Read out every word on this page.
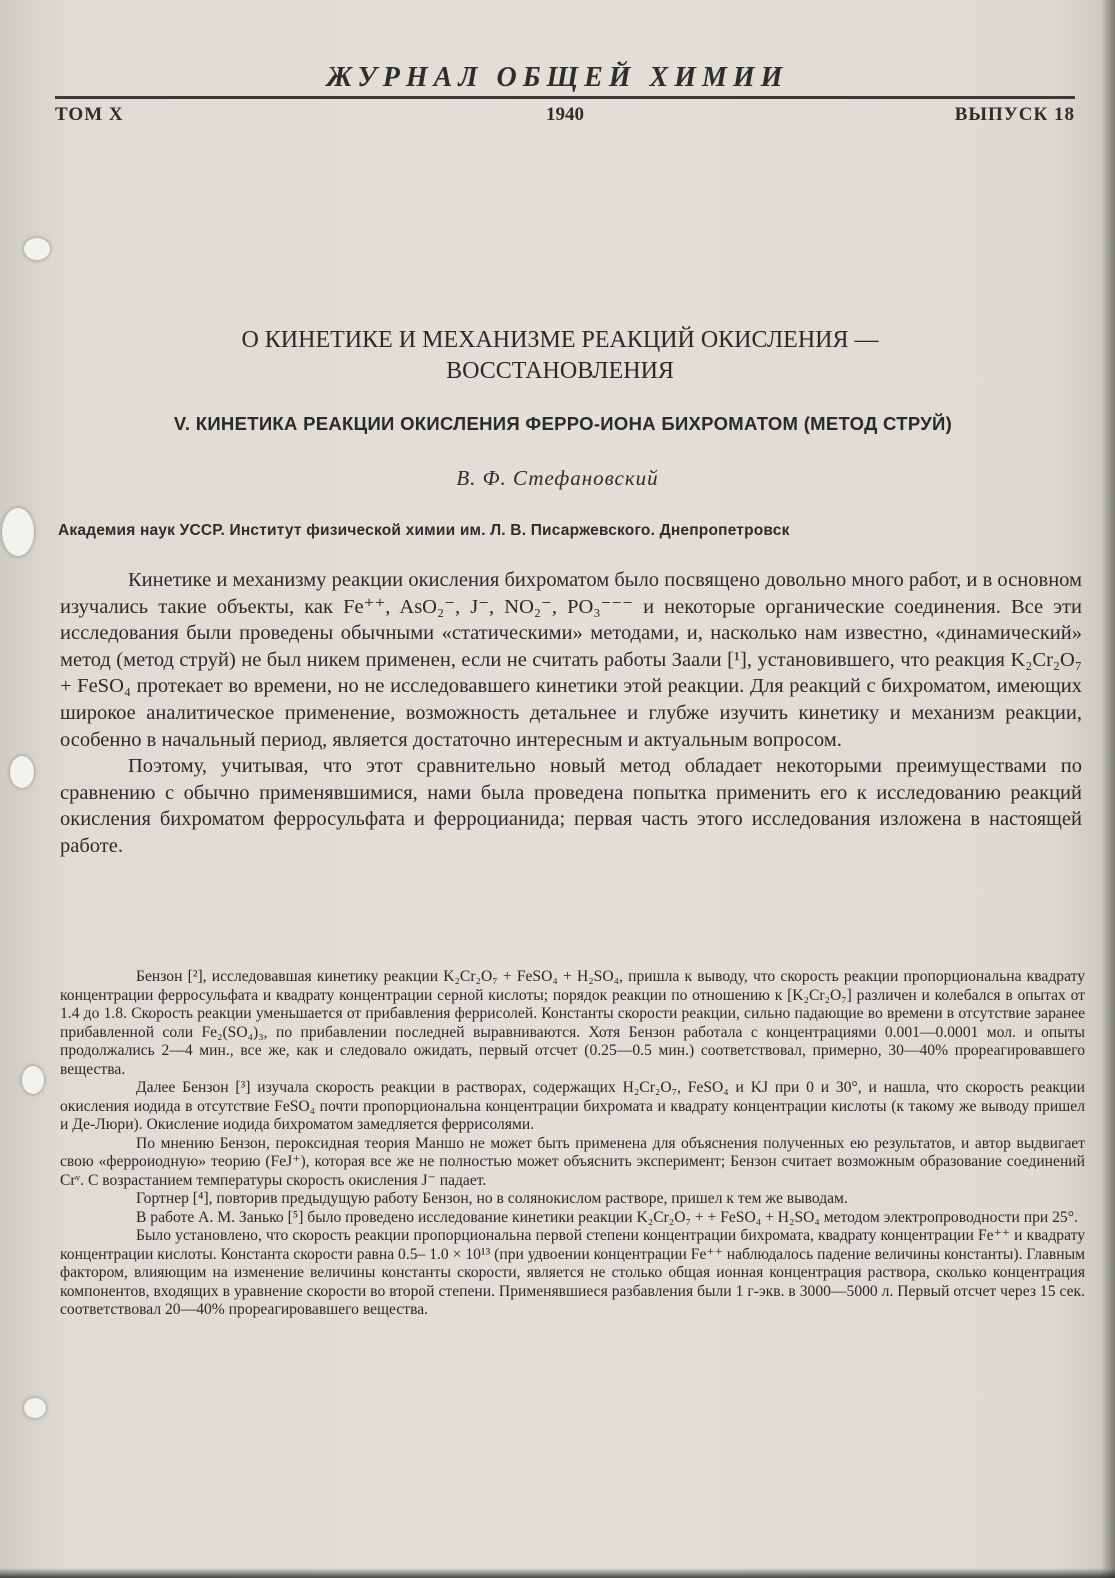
ЖУРНАЛ ОБЩЕЙ ХИМИИ
ТОМ X	1940	ВЫПУСК 18
О КИНЕТИКЕ И МЕХАНИЗМЕ РЕАКЦИЙ ОКИСЛЕНИЯ —
ВОССТАНОВЛЕНИЯ
V. КИНЕТИКА РЕАКЦИИ ОКИСЛЕНИЯ ФЕРРО-ИОНА БИХРОМАТОМ (МЕТОД СТРУЙ)
В. Ф. Стефановский
Академия наук УССР. Институт физической химии им. Л. В. Писаржевского. Днепропетровск

Кинетике и механизму реакции окисления бихроматом было посвящено довольно много работ, и в основном изучались такие объекты, как Fe⁺⁺, AsO₂⁻, J⁻, NO₂⁻, PO₃⁻⁻⁻ и некоторые органические соединения. Все эти исследования были проведены обычными «статическими» методами, и, насколько нам известно, «динамический» метод (метод струй) не был никем применен, если не считать работы Заали [¹], установившего, что реакция K₂Cr₂O₇ + FeSO₄ протекает во времени, но не исследовавшего кинетики этой реакции. Для реакций с бихроматом, имеющих широкое аналитическое применение, возможность детальнее и глубже изучить кинетику и механизм реакции, особенно в начальный период, является достаточно интересным и актуальным вопросом.

Поэтому, учитывая, что этот сравнительно новый метод обладает некоторыми преимуществами по сравнению с обычно применявшимися, нами была проведена попытка применить его к исследованию реакций окисления бихроматом ферросульфата и ферроцианида; первая часть этого исследования изложена в настоящей работе.

Бензон [²], исследовавшая кинетику реакции K₂Cr₂O₇ + FeSO₄ + H₂SO₄, пришла к выводу, что скорость реакции пропорциональна квадрату концентрации ферросульфата и квадрату концентрации серной кислоты; порядок реакции по отношению к [K₂Cr₂O₇] различен и колебался в опытах от 1.4 до 1.8. Скорость реакции уменьшается от прибавления феррисолей. Константы скорости реакции, сильно падающие во времени в отсутствие заранее прибавленной соли Fe₂(SO₄)₃, по прибавлении последней выравниваются. Хотя Бензон работала с концентрациями 0.001—0.0001 мол. и опыты продолжались 2—4 мин., все же, как и следовало ожидать, первый отсчет (0.25—0.5 мин.) соответствовал, примерно, 30—40% прореагировавшего вещества.

Далее Бензон [³] изучала скорость реакции в растворах, содержащих H₂Cr₂O₇, FeSO₄ и KJ при 0 и 30°, и нашла, что скорость реакции окисления иодида в отсутствие FeSO₄ почти пропорциональна концентрации бихромата и квадрату концентрации кислоты (к такому же выводу пришел и Де-Люри). Окисление иодида бихроматом замедляется феррисолями.

По мнению Бензон, пероксидная теория Маншо не может быть применена для объяснения полученных ею результатов, и автор выдвигает свою «ферроиодную» теорию (FeJ⁺), которая все же не полностью может объяснить эксперимент; Бензон считает возможным образование соединений Crᵛ. С возрастанием температуры скорость окисления J⁻ падает.

Гортнер [⁴], повторив предыдущую работу Бензон, но в солянокислом растворе, пришел к тем же выводам.

В работе А. М. Занько [⁵] было проведено исследование кинетики реакции K₂Cr₂O₇ + + FeSO₄ + H₂SO₄ методом электропроводности при 25°.

Было установлено, что скорость реакции пропорциональна первой степени концентрации бихромата, квадрату концентрации Fe⁺⁺ и квадрату концентрации кислоты. Константа скорости равна 0.5– 1.0 × 10¹³ (при удвоении концентрации Fe⁺⁺ наблюдалось падение величины константы). Главным фактором, влияющим на изменение величины константы скорости, является не столько общая ионная концентрация раствора, сколько концентрация компонентов, входящих в уравнение скорости во второй степени. Применявшиеся разбавления были 1 г-экв. в 3000—5000 л. Первый отсчет через 15 сек. соответствовал 20—40% прореагировавшего вещества.
